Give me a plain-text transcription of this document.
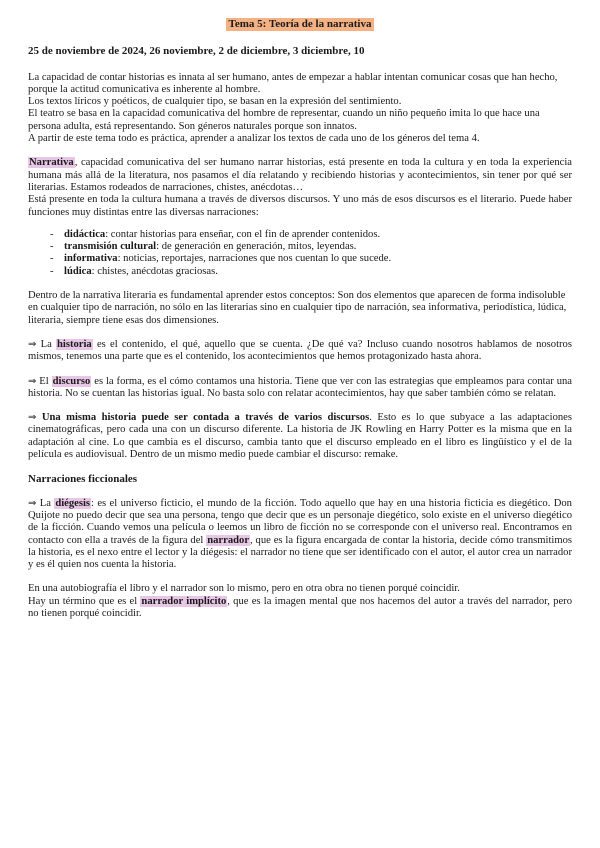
Tema 5: Teoría de la narrativa

25 de noviembre de 2024, 26 noviembre, 2 de diciembre, 3 diciembre, 10

La capacidad de contar historias es innata al ser humano, antes de empezar a hablar intentan comunicar cosas que han hecho, porque la actitud comunicativa es inherente al hombre.

Los textos líricos y poéticos, de cualquier tipo, se basan en la expresión del sentimiento.

El teatro se basa en la capacidad comunicativa del hombre de representar, cuando un niño pequeño imita lo que hace una persona adulta, está representando. Son géneros naturales porque son innatos.

A partir de este tema todo es práctica, aprender a analizar los textos de cada uno de los géneros del tema 4.

Narrativa, capacidad comunicativa del ser humano narrar historias, está presente en toda la cultura y en toda la experiencia humana más allá de la literatura, nos pasamos el día relatando y recibiendo historias y acontecimientos, sin tener por qué ser literarias. Estamos rodeados de narraciones, chistes, anécdotas…

Está presente en toda la cultura humana a través de diversos discursos. Y uno más de esos discursos es el literario. Puede haber funciones muy distintas entre las diversas narraciones:

- didáctica: contar historias para enseñar, con el fin de aprender contenidos.
- transmisión cultural: de generación en generación, mitos, leyendas.
- informativa: noticias, reportajes, narraciones que nos cuentan lo que sucede.
- lúdica: chistes, anécdotas graciosas.

Dentro de la narrativa literaria es fundamental aprender estos conceptos: Son dos elementos que aparecen de forma indisoluble en cualquier tipo de narración, no sólo en las literarias sino en cualquier tipo de narración, sea informativa, periodística, lúdica, literaria, siempre tiene esas dos dimensiones.

⇒ La historia es el contenido, el qué, aquello que se cuenta. ¿De qué va? Incluso cuando nosotros hablamos de nosotros mismos, tenemos una parte que es el contenido, los acontecimientos que hemos protagonizado hasta ahora.

⇒ El discurso es la forma, es el cómo contamos una historia. Tiene que ver con las estrategias que empleamos para contar una historia. No se cuentan las historias igual. No basta solo con relatar acontecimientos, hay que saber también cómo se relatan.

⇒ Una misma historia puede ser contada a través de varios discursos. Esto es lo que subyace a las adaptaciones cinematográficas, pero cada una con un discurso diferente. La historia de JK Rowling en Harry Potter es la misma que en la adaptación al cine. Lo que cambia es el discurso, cambia tanto que el discurso empleado en el libro es lingüístico y el de la película es audiovisual. Dentro de un mismo medio puede cambiar el discurso: remake.

Narraciones ficcionales

⇒ La diégesis: es el universo ficticio, el mundo de la ficción. Todo aquello que hay en una historia ficticia es diegético. Don Quijote no puedo decir que sea una persona, tengo que decir que es un personaje diegético, solo existe en el universo diegético de la ficción. Cuando vemos una película o leemos un libro de ficción no se corresponde con el universo real. Encontramos en contacto con ella a través de la figura del narrador, que es la figura encargada de contar la historia, decide cómo transmitimos la historia, es el nexo entre el lector y la diégesis: el narrador no tiene que ser identificado con el autor, el autor crea un narrador y es él quien nos cuenta la historia.

En una autobiografía el libro y el narrador son lo mismo, pero en otra obra no tienen porqué coincidir.

Hay un término que es el narrador implícito, que es la imagen mental que nos hacemos del autor a través del narrador, pero no tienen porqué coincidir.
